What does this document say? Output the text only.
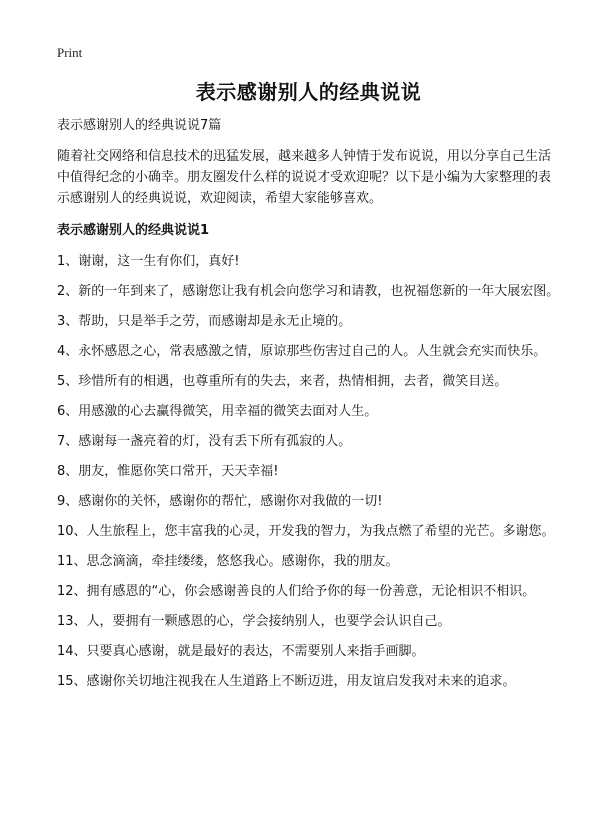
Print
表示感谢别人的经典说说
表示感谢别人的经典说说7篇
随着社交网络和信息技术的迅猛发展，越来越多人钟情于发布说说，用以分享自己生活中值得纪念的小确幸。朋友圈发什么样的说说才受欢迎呢？以下是小编为大家整理的表示感谢别人的经典说说，欢迎阅读，希望大家能够喜欢。
表示感谢别人的经典说说1
1、谢谢，这一生有你们，真好!
2、新的一年到来了，感谢您让我有机会向您学习和请教，也祝福您新的一年大展宏图。
3、帮助，只是举手之劳，而感谢却是永无止境的。
4、永怀感恩之心，常表感激之情，原谅那些伤害过自己的人。人生就会充实而快乐。
5、珍惜所有的相遇，也尊重所有的失去，来者，热情相拥，去者，微笑目送。
6、用感激的心去赢得微笑，用幸福的微笑去面对人生。
7、感谢每一盏亮着的灯，没有丢下所有孤寂的人。
8、朋友，惟愿你笑口常开，天天幸福!
9、感谢你的关怀，感谢你的帮忙，感谢你对我做的一切!
10、人生旅程上，您丰富我的心灵，开发我的智力，为我点燃了希望的光芒。多谢您。
11、思念滴滴，牵挂缕缕，悠悠我心。感谢你，我的朋友。
12、拥有感恩的“心，你会感谢善良的人们给予你的每一份善意，无论相识不相识。
13、人，要拥有一颗感恩的心，学会接纳别人，也要学会认识自己。
14、只要真心感谢，就是最好的表达，不需要别人来指手画脚。
15、感谢你关切地注视我在人生道路上不断迈进，用友谊启发我对未来的追求。
